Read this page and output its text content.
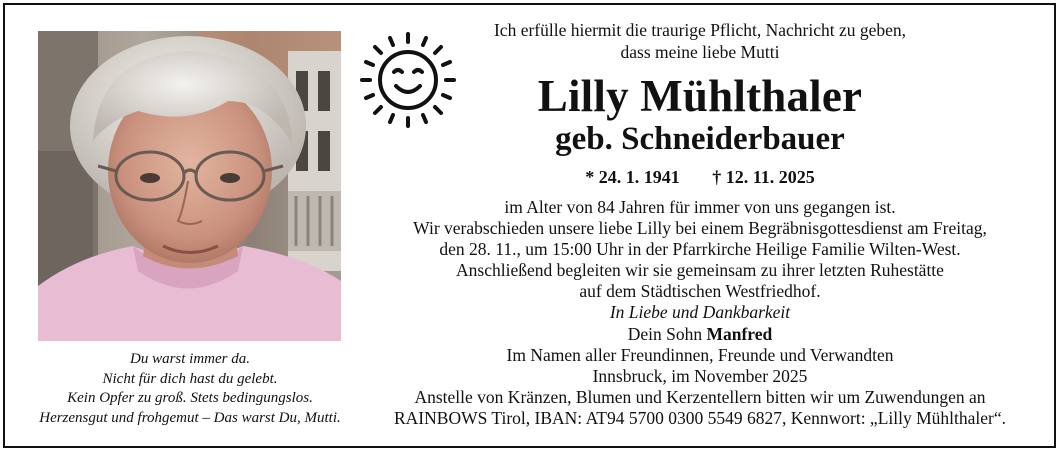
Du warst immer da.
Nicht für dich hast du gelebt.
Kein Opfer zu groß. Stets bedingungslos.
Herzensgut und frohgemut – Das warst Du, Mutti.
Ich erfülle hiermit die traurige Pflicht, Nachricht zu geben,
dass meine liebe Mutti
Lilly Mühlthaler
geb. Schneiderbauer
* 24. 1. 1941 † 12. 11. 2025
im Alter von 84 Jahren für immer von uns gegangen ist.
Wir verabschieden unsere liebe Lilly bei einem Begräbnisgottesdienst am Freitag,
den 28. 11., um 15:00 Uhr in der Pfarrkirche Heilige Familie Wilten-West.
Anschließend begleiten wir sie gemeinsam zu ihrer letzten Ruhestätte
auf dem Städtischen Westfriedhof.
In Liebe und Dankbarkeit
Dein Sohn Manfred
Im Namen aller Freundinnen, Freunde und Verwandten
Innsbruck, im November 2025
Anstelle von Kränzen, Blumen und Kerzentellern bitten wir um Zuwendungen an
RAINBOWS Tirol, IBAN: AT94 5700 0300 5549 6827, Kennwort: „Lilly Mühlthaler“.
